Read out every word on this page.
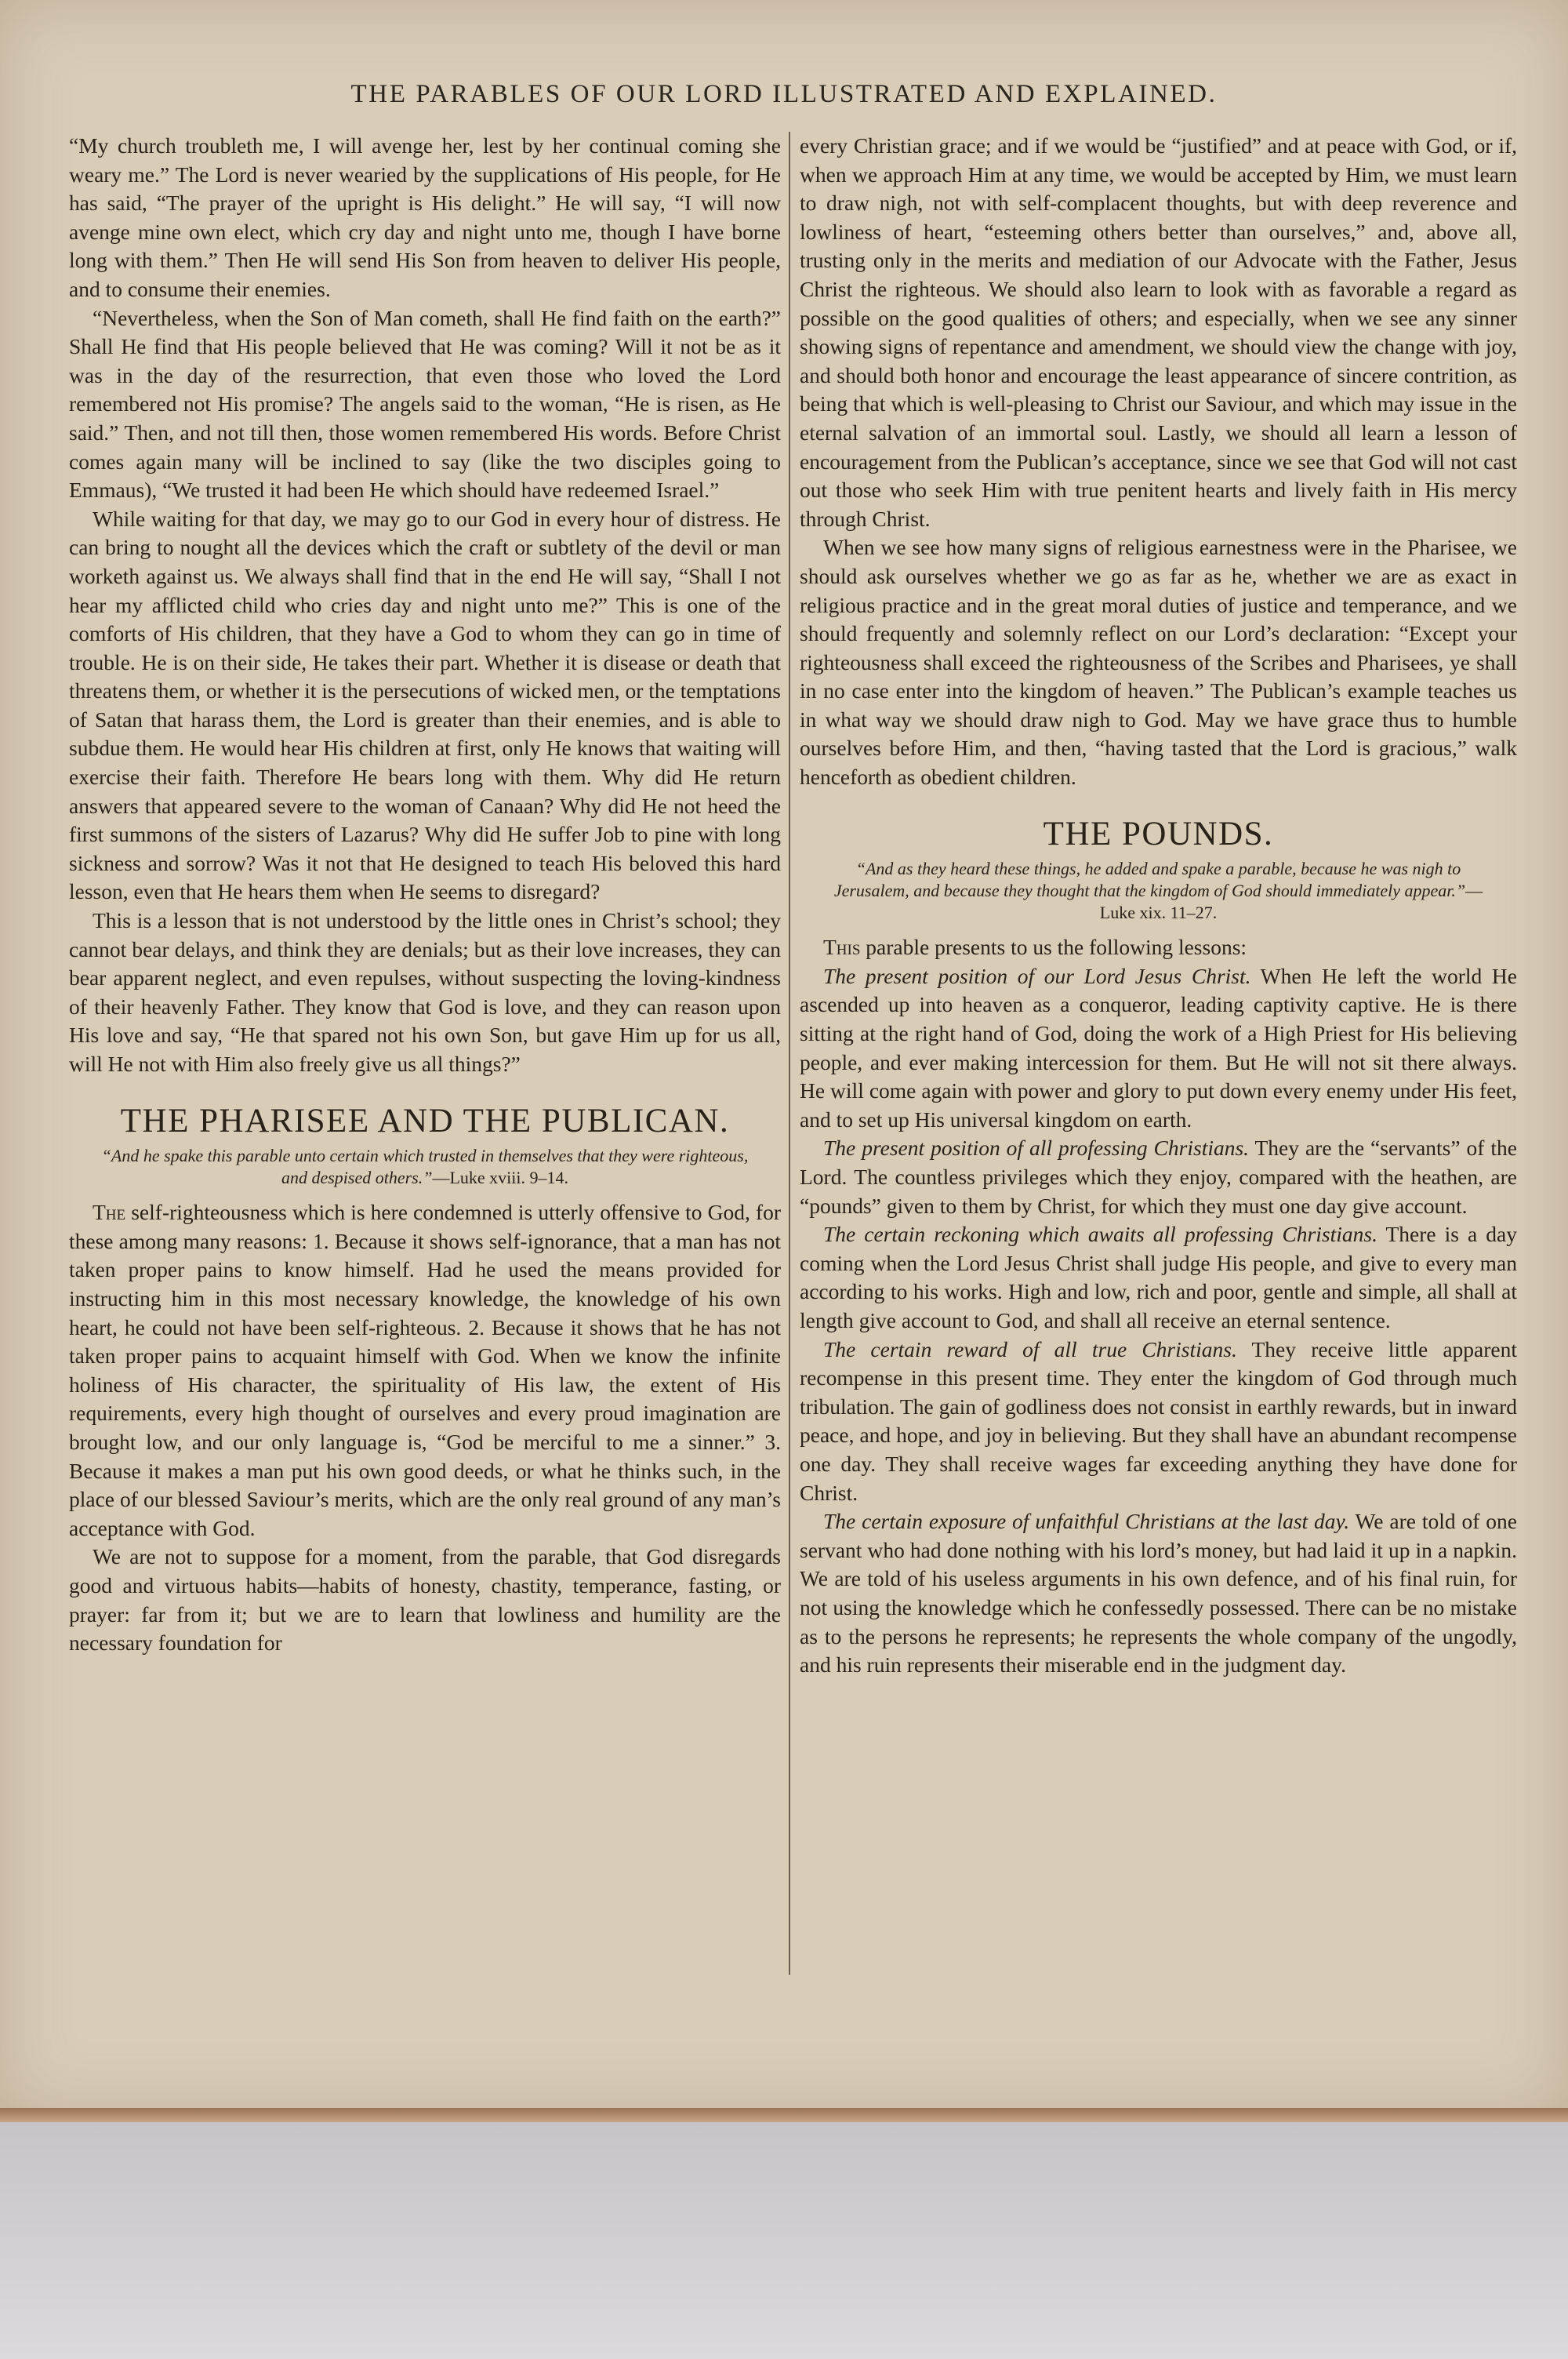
THE PARABLES OF OUR LORD ILLUSTRATED AND EXPLAINED.

“My church troubleth me, I will avenge her, lest by her continual coming she weary me.” The Lord is never wearied by the supplications of His people, for He has said, “The prayer of the upright is His delight.” He will say, “I will now avenge mine own elect, which cry day and night unto me, though I have borne long with them.” Then He will send His Son from heaven to deliver His people, and to consume their enemies.

“Nevertheless, when the Son of Man cometh, shall He find faith on the earth?” Shall He find that His people believed that He was coming? Will it not be as it was in the day of the resurrection, that even those who loved the Lord remembered not His promise? The angels said to the woman, “He is risen, as He said.” Then, and not till then, those women remembered His words. Before Christ comes again many will be inclined to say (like the two disciples going to Emmaus), “We trusted it had been He which should have redeemed Israel.”

While waiting for that day, we may go to our God in every hour of distress. He can bring to nought all the devices which the craft or subtlety of the devil or man worketh against us. We always shall find that in the end He will say, “Shall I not hear my afflicted child who cries day and night unto me?” This is one of the comforts of His children, that they have a God to whom they can go in time of trouble. He is on their side, He takes their part. Whether it is disease or death that threatens them, or whether it is the persecutions of wicked men, or the temptations of Satan that harass them, the Lord is greater than their enemies, and is able to subdue them. He would hear His children at first, only He knows that waiting will exercise their faith. Therefore He bears long with them. Why did He return answers that appeared severe to the woman of Canaan? Why did He not heed the first summons of the sisters of Lazarus? Why did He suffer Job to pine with long sickness and sorrow? Was it not that He designed to teach His beloved this hard lesson, even that He hears them when He seems to disregard?

This is a lesson that is not understood by the little ones in Christ’s school; they cannot bear delays, and think they are denials; but as their love increases, they can bear apparent neglect, and even repulses, without suspecting the loving-kindness of their heavenly Father. They know that God is love, and they can reason upon His love and say, “He that spared not his own Son, but gave Him up for us all, will He not with Him also freely give us all things?”

THE PHARISEE AND THE PUBLICAN.
“And he spake this parable unto certain which trusted in themselves that they were righteous, and despised others.”—Luke xviii. 9–14.

The self-righteousness which is here condemned is utterly offensive to God, for these among many reasons: 1. Because it shows self-ignorance, that a man has not taken proper pains to know himself. Had he used the means provided for instructing him in this most necessary knowledge, the knowledge of his own heart, he could not have been self-righteous. 2. Because it shows that he has not taken proper pains to acquaint himself with God. When we know the infinite holiness of His character, the spirituality of His law, the extent of His requirements, every high thought of ourselves and every proud imagination are brought low, and our only language is, “God be merciful to me a sinner.” 3. Because it makes a man put his own good deeds, or what he thinks such, in the place of our blessed Saviour’s merits, which are the only real ground of any man’s acceptance with God.

We are not to suppose for a moment, from the parable, that God disregards good and virtuous habits—habits of honesty, chastity, temperance, fasting, or prayer: far from it; but we are to learn that lowliness and humility are the necessary foundation for

every Christian grace; and if we would be “justified” and at peace with God, or if, when we approach Him at any time, we would be accepted by Him, we must learn to draw nigh, not with self-complacent thoughts, but with deep reverence and lowliness of heart, “esteeming others better than ourselves,” and, above all, trusting only in the merits and mediation of our Advocate with the Father, Jesus Christ the righteous. We should also learn to look with as favorable a regard as possible on the good qualities of others; and especially, when we see any sinner showing signs of repentance and amendment, we should view the change with joy, and should both honor and encourage the least appearance of sincere contrition, as being that which is well-pleasing to Christ our Saviour, and which may issue in the eternal salvation of an immortal soul. Lastly, we should all learn a lesson of encouragement from the Publican’s acceptance, since we see that God will not cast out those who seek Him with true penitent hearts and lively faith in His mercy through Christ.

When we see how many signs of religious earnestness were in the Pharisee, we should ask ourselves whether we go as far as he, whether we are as exact in religious practice and in the great moral duties of justice and temperance, and we should frequently and solemnly reflect on our Lord’s declaration: “Except your righteousness shall exceed the righteousness of the Scribes and Pharisees, ye shall in no case enter into the kingdom of heaven.” The Publican’s example teaches us in what way we should draw nigh to God. May we have grace thus to humble ourselves before Him, and then, “having tasted that the Lord is gracious,” walk henceforth as obedient children.

THE POUNDS.
“And as they heard these things, he added and spake a parable, because he was nigh to Jerusalem, and because they thought that the kingdom of God should immediately appear.”—Luke xix. 11–27.

This parable presents to us the following lessons:

The present position of our Lord Jesus Christ. When He left the world He ascended up into heaven as a conqueror, leading captivity captive. He is there sitting at the right hand of God, doing the work of a High Priest for His believing people, and ever making intercession for them. But He will not sit there always. He will come again with power and glory to put down every enemy under His feet, and to set up His universal kingdom on earth.

The present position of all professing Christians. They are the “servants” of the Lord. The countless privileges which they enjoy, compared with the heathen, are “pounds” given to them by Christ, for which they must one day give account.

The certain reckoning which awaits all professing Christians. There is a day coming when the Lord Jesus Christ shall judge His people, and give to every man according to his works. High and low, rich and poor, gentle and simple, all shall at length give account to God, and shall all receive an eternal sentence.

The certain reward of all true Christians. They receive little apparent recompense in this present time. They enter the kingdom of God through much tribulation. The gain of godliness does not consist in earthly rewards, but in inward peace, and hope, and joy in believing. But they shall have an abundant recompense one day. They shall receive wages far exceeding anything they have done for Christ.

The certain exposure of unfaithful Christians at the last day. We are told of one servant who had done nothing with his lord’s money, but had laid it up in a napkin. We are told of his useless arguments in his own defence, and of his final ruin, for not using the knowledge which he confessedly possessed. There can be no mistake as to the persons he represents; he represents the whole company of the ungodly, and his ruin represents their miserable end in the judgment day.
